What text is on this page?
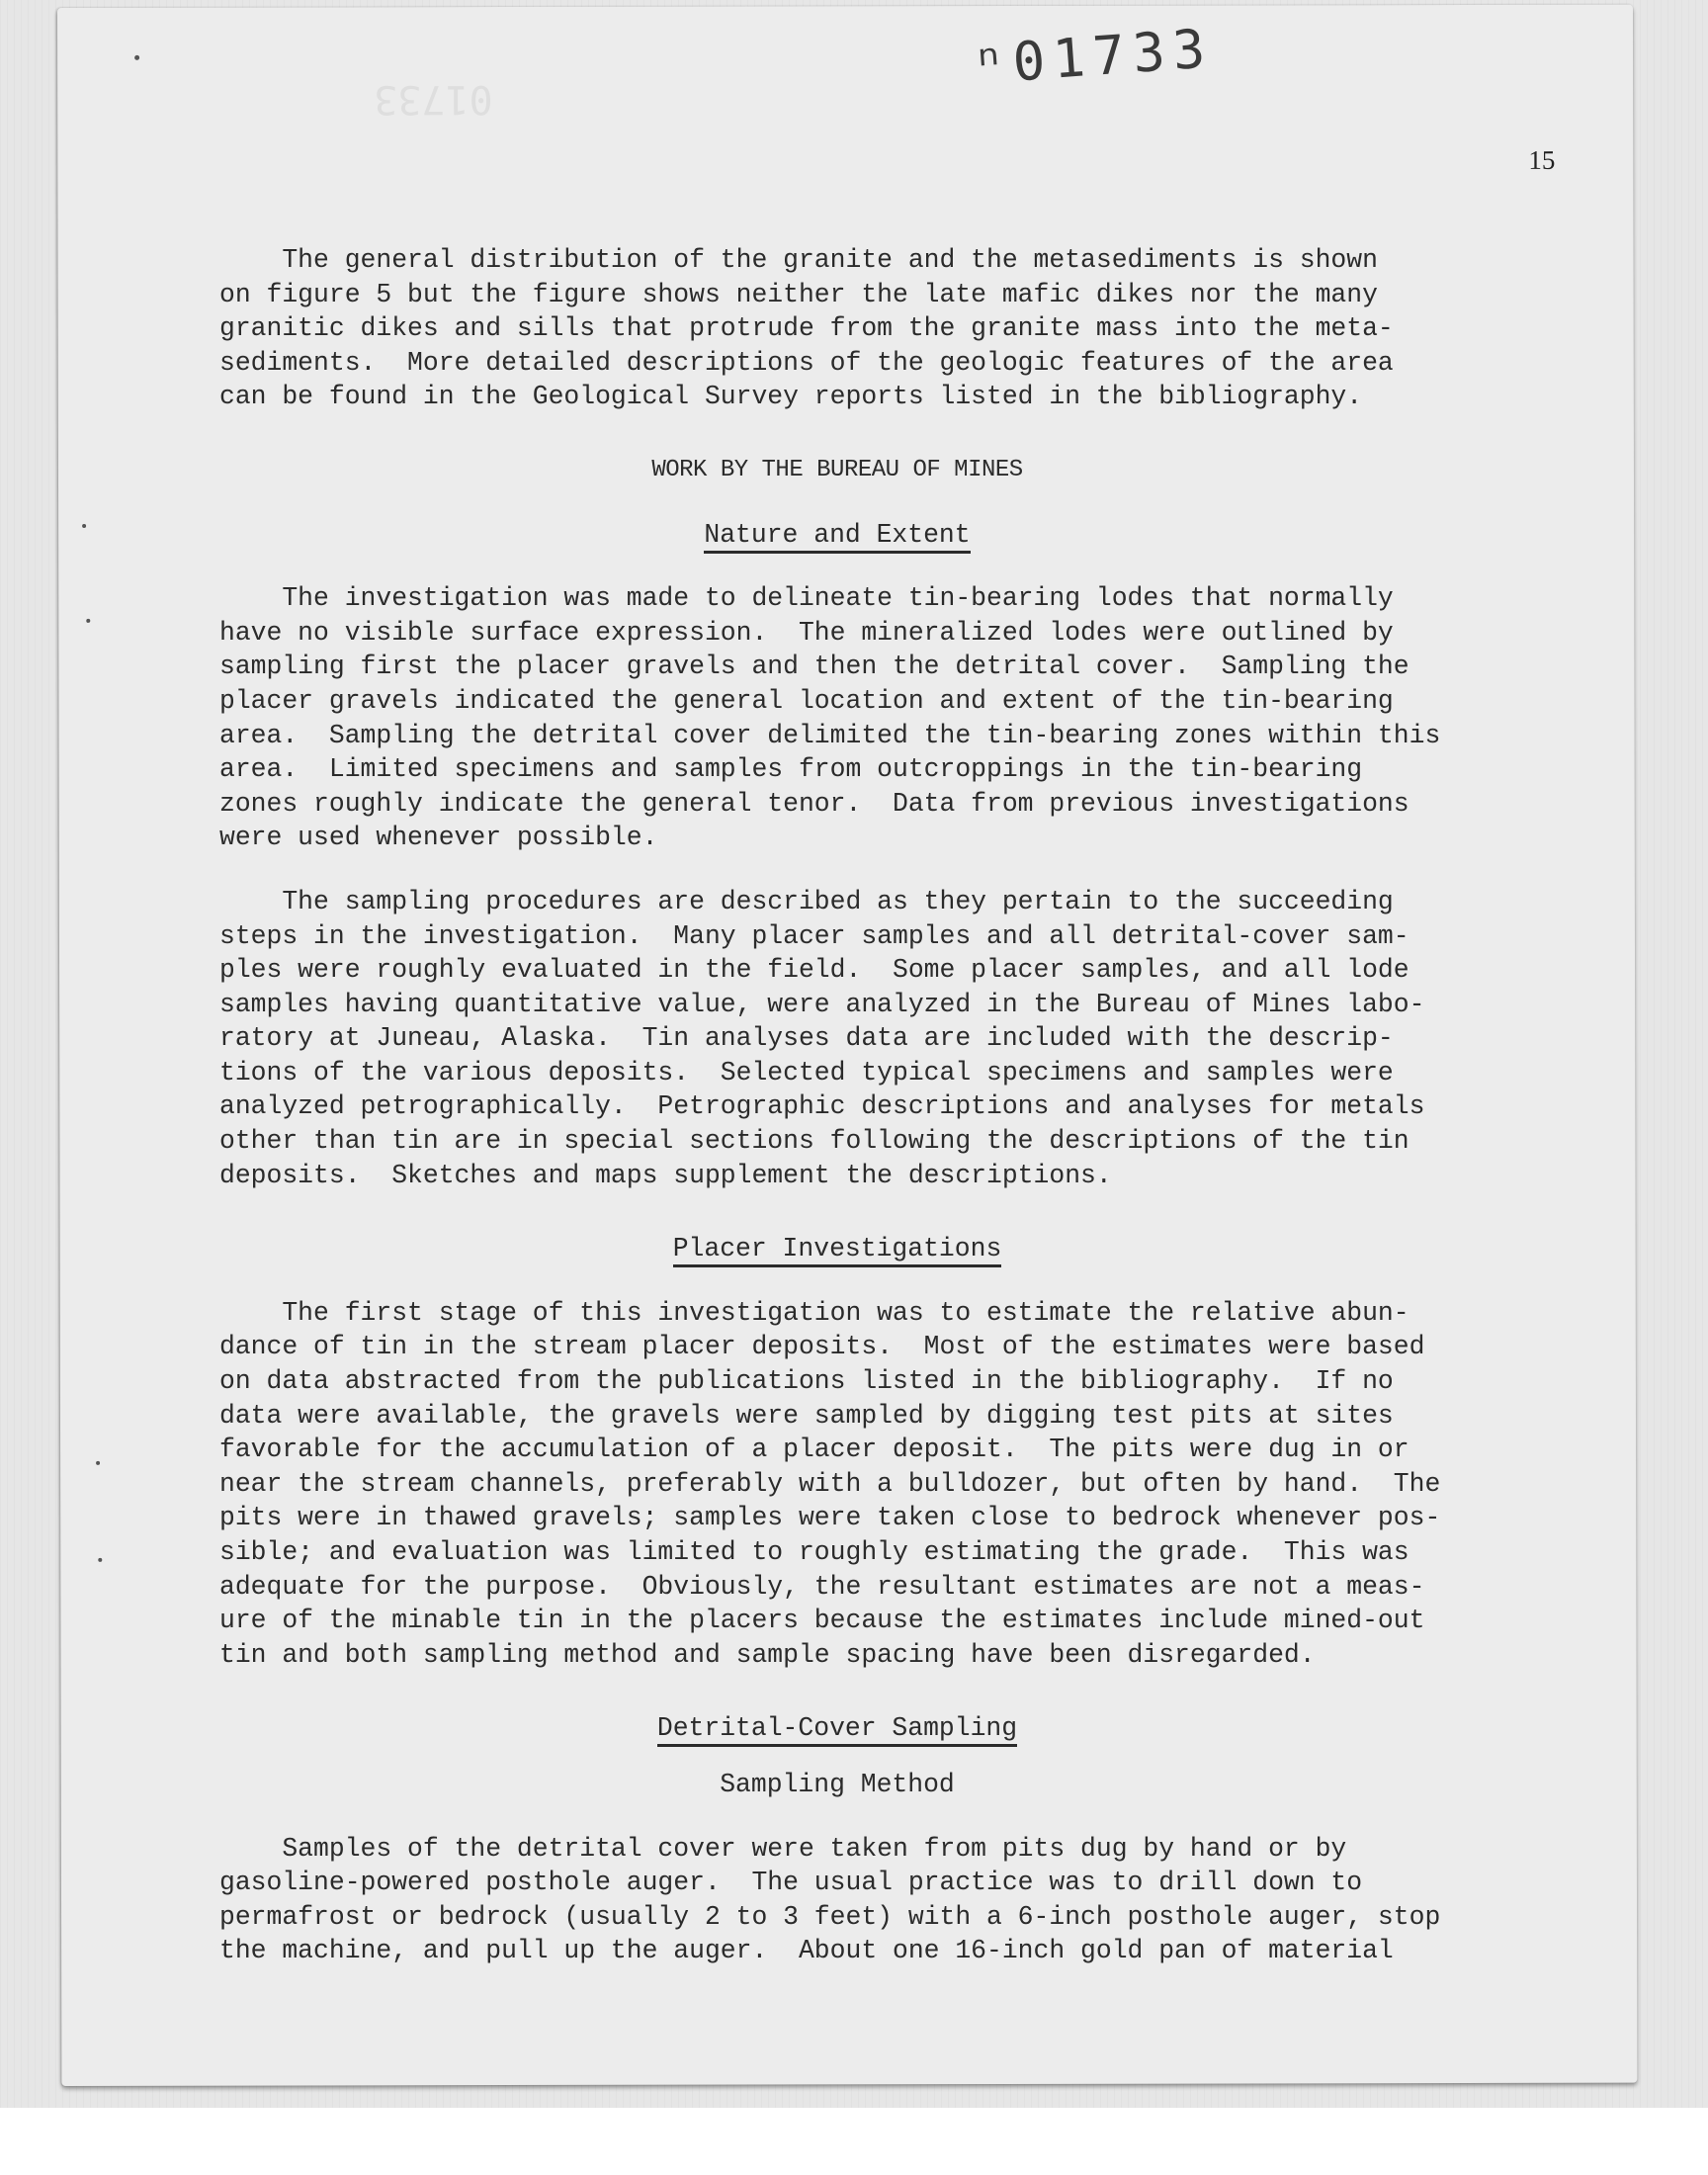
01733
ⁿ01733
15

The general distribution of the granite and the metasediments is shown

on figure 5 but the figure shows neither the late mafic dikes nor the many

granitic dikes and sills that protrude from the granite mass into the meta-

sediments.  More detailed descriptions of the geologic features of the area

can be found in the Geological Survey reports listed in the bibliography.

WORK BY THE BUREAU OF MINES
Nature and Extent

The investigation was made to delineate tin-bearing lodes that normally

have no visible surface expression.  The mineralized lodes were outlined by

sampling first the placer gravels and then the detrital cover.  Sampling the

placer gravels indicated the general location and extent of the tin-bearing

area.  Sampling the detrital cover delimited the tin-bearing zones within this

area.  Limited specimens and samples from outcroppings in the tin-bearing

zones roughly indicate the general tenor.  Data from previous investigations

were used whenever possible.

The sampling procedures are described as they pertain to the succeeding

steps in the investigation.  Many placer samples and all detrital-cover sam-

ples were roughly evaluated in the field.  Some placer samples, and all lode

samples having quantitative value, were analyzed in the Bureau of Mines labo-

ratory at Juneau, Alaska.  Tin analyses data are included with the descrip-

tions of the various deposits.  Selected typical specimens and samples were

analyzed petrographically.  Petrographic descriptions and analyses for metals

other than tin are in special sections following the descriptions of the tin

deposits.  Sketches and maps supplement the descriptions.

Placer Investigations

The first stage of this investigation was to estimate the relative abun-

dance of tin in the stream placer deposits.  Most of the estimates were based

on data abstracted from the publications listed in the bibliography.  If no

data were available, the gravels were sampled by digging test pits at sites

favorable for the accumulation of a placer deposit.  The pits were dug in or

near the stream channels, preferably with a bulldozer, but often by hand.  The

pits were in thawed gravels; samples were taken close to bedrock whenever pos-

sible; and evaluation was limited to roughly estimating the grade.  This was

adequate for the purpose.  Obviously, the resultant estimates are not a meas-

ure of the minable tin in the placers because the estimates include mined-out

tin and both sampling method and sample spacing have been disregarded.

Detrital-Cover Sampling
Sampling Method

Samples of the detrital cover were taken from pits dug by hand or by

gasoline-powered posthole auger.  The usual practice was to drill down to

permafrost or bedrock (usually 2 to 3 feet) with a 6-inch posthole auger, stop

the machine, and pull up the auger.  About one 16-inch gold pan of material
